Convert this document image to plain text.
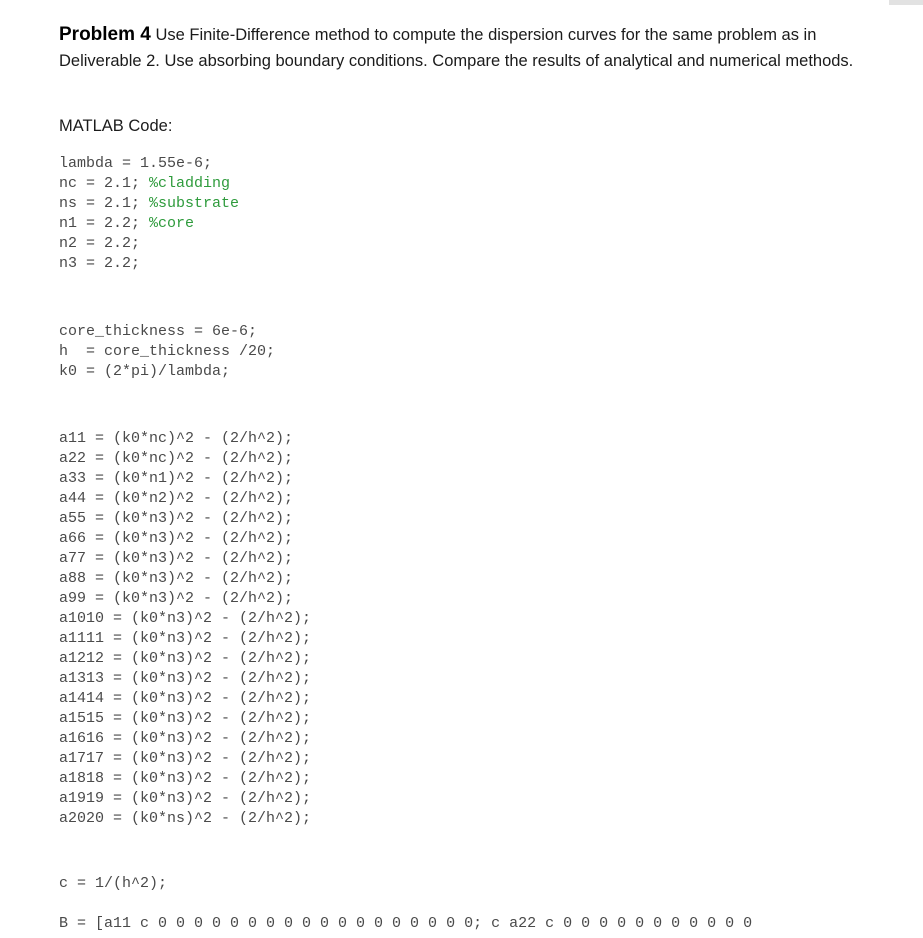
Problem 4 Use Finite-Difference method to compute the dispersion curves for the same problem as in Deliverable 2. Use absorbing boundary conditions. Compare the results of analytical and numerical methods.

MATLAB Code:
lambda = 1.55e-6;
nc = 2.1; %cladding
ns = 2.1; %substrate
n1 = 2.2; %core
n2 = 2.2;
n3 = 2.2;
core_thickness = 6e-6;
h  = core_thickness /20;
k0 = (2*pi)/lambda;
a11 = (k0*nc)^2 - (2/h^2);
a22 = (k0*nc)^2 - (2/h^2);
a33 = (k0*n1)^2 - (2/h^2);
a44 = (k0*n2)^2 - (2/h^2);
a55 = (k0*n3)^2 - (2/h^2);
a66 = (k0*n3)^2 - (2/h^2);
a77 = (k0*n3)^2 - (2/h^2);
a88 = (k0*n3)^2 - (2/h^2);
a99 = (k0*n3)^2 - (2/h^2);
a1010 = (k0*n3)^2 - (2/h^2);
a1111 = (k0*n3)^2 - (2/h^2);
a1212 = (k0*n3)^2 - (2/h^2);
a1313 = (k0*n3)^2 - (2/h^2);
a1414 = (k0*n3)^2 - (2/h^2);
a1515 = (k0*n3)^2 - (2/h^2);
a1616 = (k0*n3)^2 - (2/h^2);
a1717 = (k0*n3)^2 - (2/h^2);
a1818 = (k0*n3)^2 - (2/h^2);
a1919 = (k0*n3)^2 - (2/h^2);
a2020 = (k0*ns)^2 - (2/h^2);
c = 1/(h^2);
B = [a11 c 0 0 0 0 0 0 0 0 0 0 0 0 0 0 0 0 0 0; c a22 c 0 0 0 0 0 0 0 0 0 0 0
